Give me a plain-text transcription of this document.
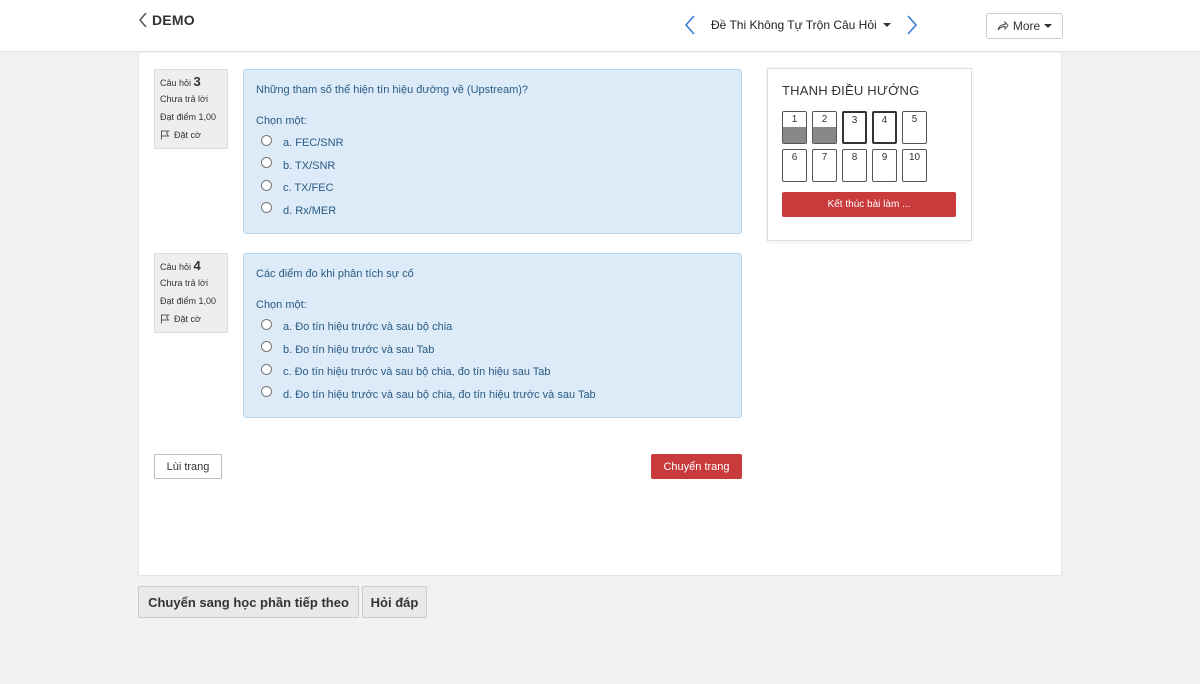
DEMO	Đề Thi Không Tự Trộn Câu Hỏi	More
Câu hỏi 3
Chưa trả lời
Đạt điểm 1,00
Đặt cờ
Những tham số thể hiện tín hiệu đường về (Upstream)?
Chọn một:
a. FEC/SNR
b. TX/SNR
c. TX/FEC
d. Rx/MER
Câu hỏi 4
Chưa trả lời
Đạt điểm 1,00
Đặt cờ
Các điểm đo khi phân tích sự cố
Chọn một:
a. Đo tín hiệu trước và sau bộ chia
b. Đo tín hiệu trước và sau Tab
c. Đo tín hiệu trước và sau bộ chia, đo tín hiệu sau Tab
d. Đo tín hiệu trước và sau bộ chia, đo tín hiệu trước và sau Tab
Lùi trang	Chuyển trang
THANH ĐIỀU HƯỚNG
1	2	3	4	5
6	7	8	9	10
Kết thúc bài làm ...
Chuyển sang học phần tiếp theo	Hỏi đáp
